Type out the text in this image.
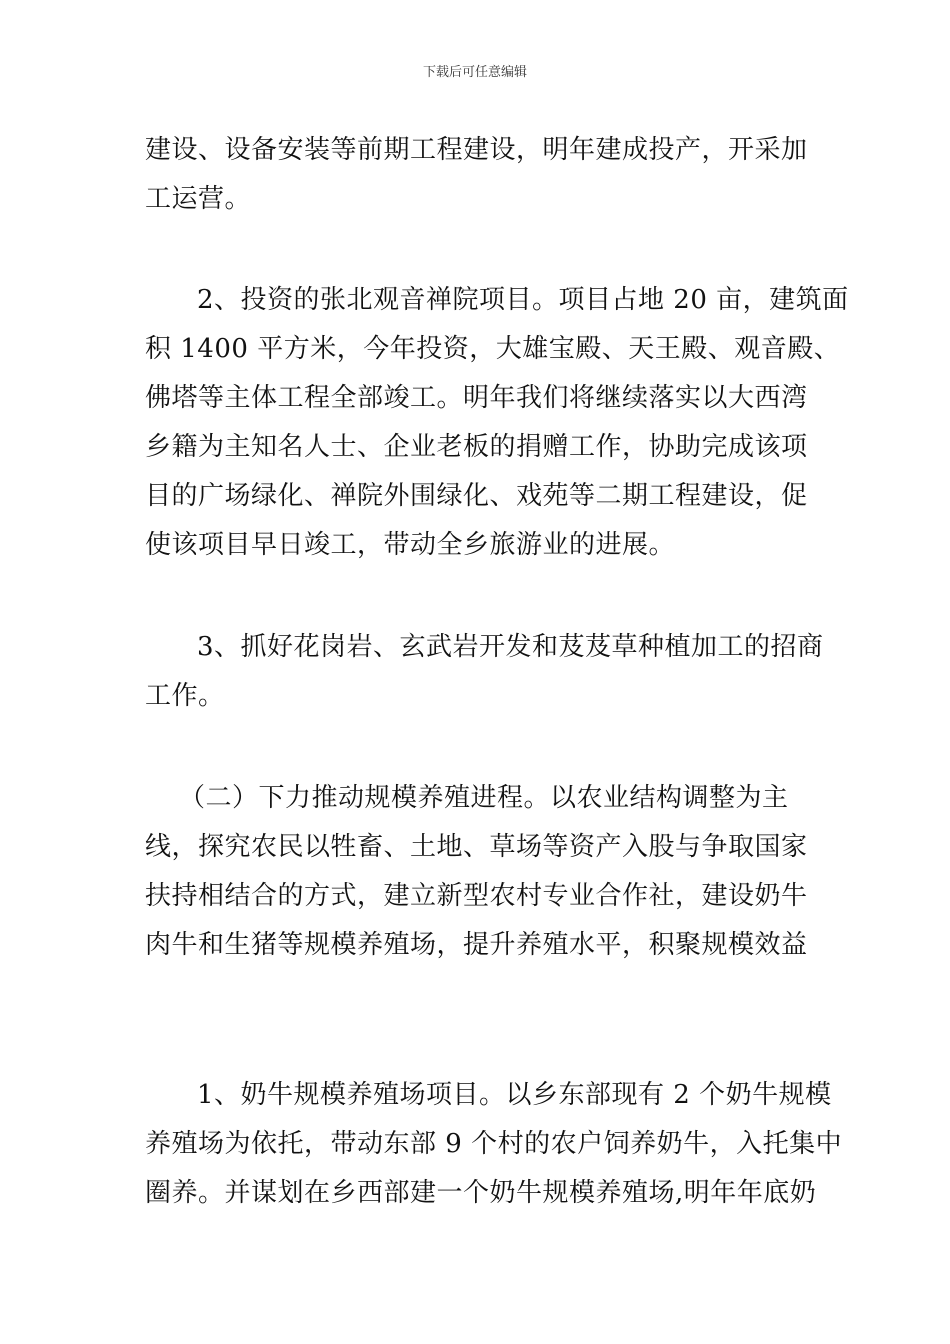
下载后可任意编辑
建设、设备安装等前期工程建设，明年建成投产，开采加
工运营。
2、投资的张北观音禅院项目。项目占地 20 亩，建筑面
积 1400 平方米，今年投资，大雄宝殿、天王殿、观音殿、
佛塔等主体工程全部竣工。明年我们将继续落实以大西湾
乡籍为主知名人士、企业老板的捐赠工作，协助完成该项
目的广场绿化、禅院外围绿化、戏苑等二期工程建设，促
使该项目早日竣工，带动全乡旅游业的进展。
3、抓好花岗岩、玄武岩开发和芨芨草种植加工的招商
工作。
（二）下力推动规模养殖进程。以农业结构调整为主
线，探究农民以牲畜、土地、草场等资产入股与争取国家
扶持相结合的方式，建立新型农村专业合作社，建设奶牛
肉牛和生猪等规模养殖场，提升养殖水平，积聚规模效益
1、奶牛规模养殖场项目。以乡东部现有 2 个奶牛规模
养殖场为依托，带动东部 9 个村的农户饲养奶牛，入托集中
圈养。并谋划在乡西部建一个奶牛规模养殖场,明年年底奶
